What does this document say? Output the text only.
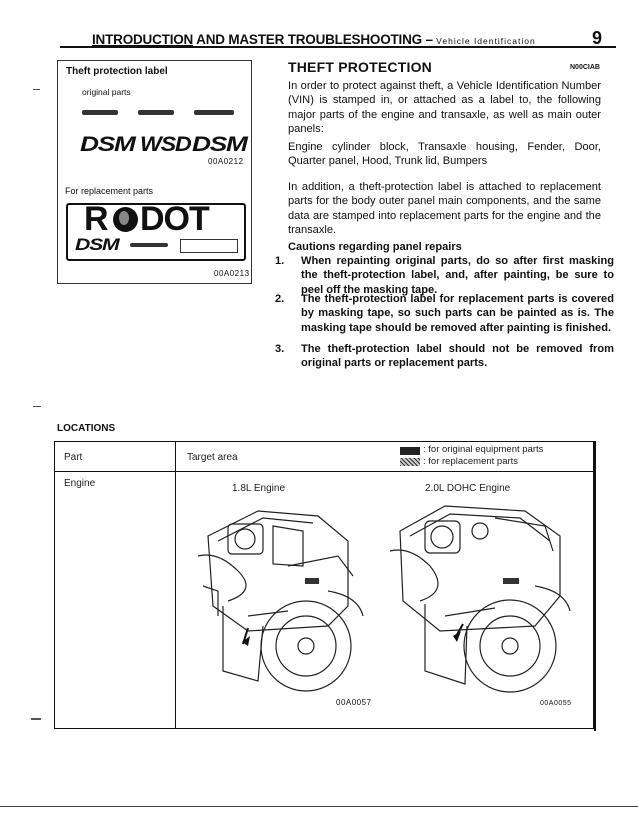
INTRODUCTION AND MASTER TROUBLESHOOTING – Vehicle Identification	9
Theft protection label
original parts
DSM WSD DSM
00A0212
For replacement parts
R DOT
DSM
00A0213
THEFT PROTECTION	N00CIAB
In order to protect against theft, a Vehicle Identification Number (VIN) is stamped in, or attached as a label to, the following major parts of the engine and transaxle, as well as main outer panels:
Engine cylinder block, Transaxle housing, Fender, Door, Quarter panel, Hood, Trunk lid, Bumpers
In addition, a theft-protection label is attached to replacement parts for the body outer panel main components, and the same data are stamped into replacement parts for the engine and the transaxle.
Cautions regarding panel repairs
1. When repainting original parts, do so after first masking the theft-protection label, and, after painting, be sure to peel off the masking tape.
2. The theft-protection label for replacement parts is covered by masking tape, so such parts can be painted as is. The masking tape should be removed after painting is finished.
3. The theft-protection label should not be removed from original parts or replacement parts.
LOCATIONS
Part	Target area
: for original equipment parts
: for replacement parts
Engine	1.8L Engine	2.0L DOHC Engine
00A0057	00A0055
